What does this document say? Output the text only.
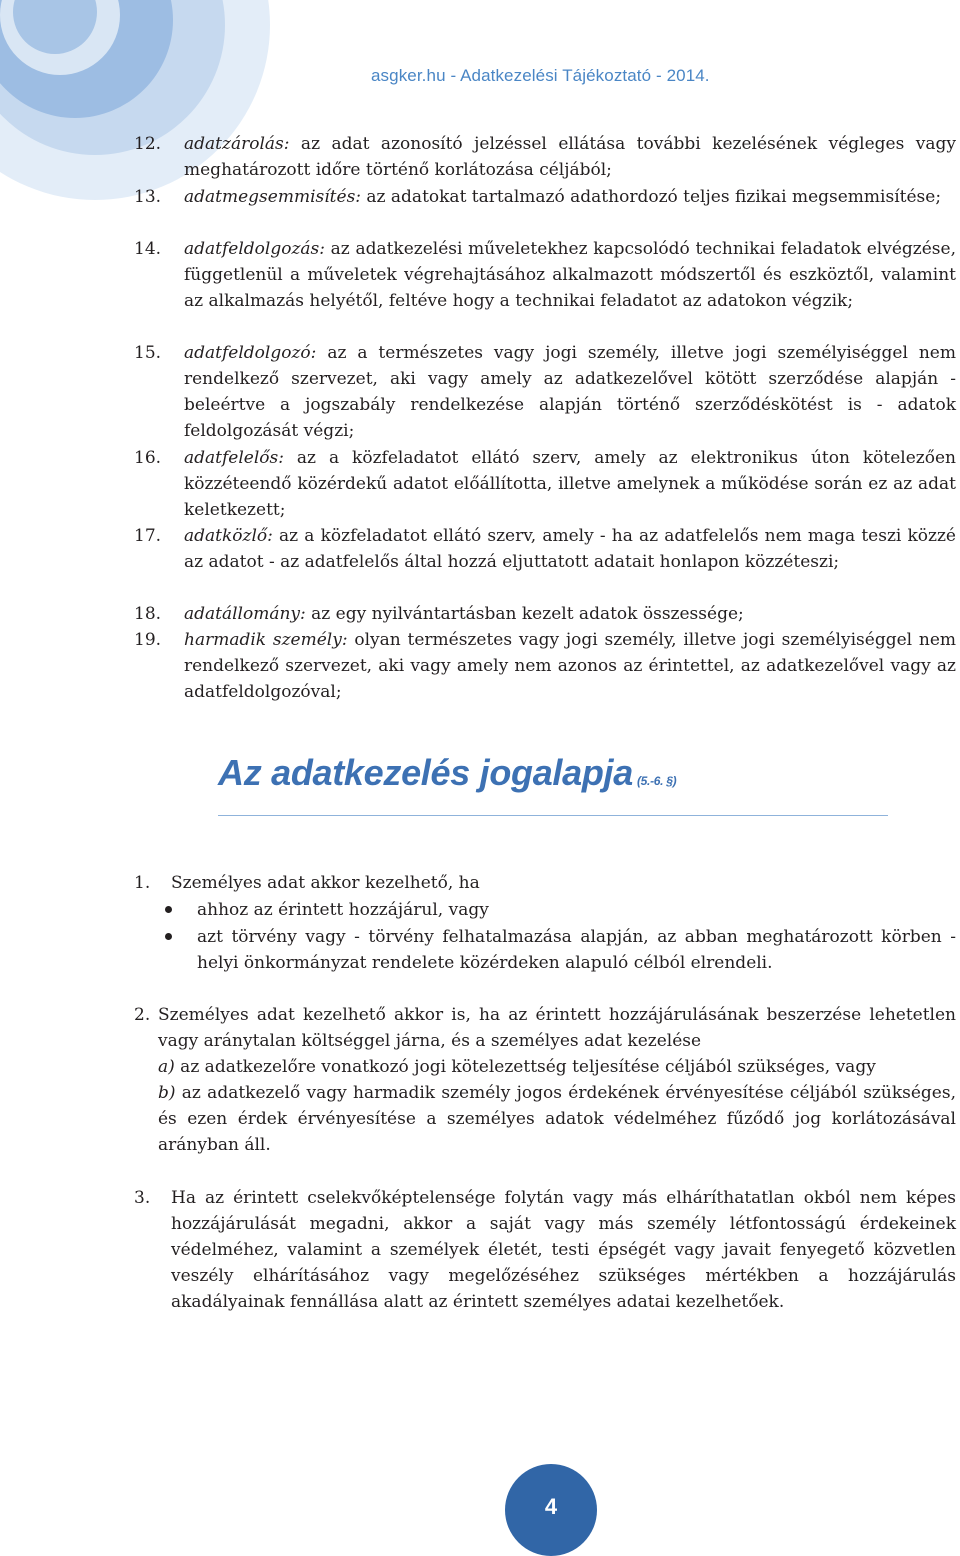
asgker.hu - Adatkezelési Tájékoztató - 2014.
12. adatzárolás: az adat azonosító jelzéssel ellátása további kezelésének végleges vagy meghatározott időre történő korlátozása céljából;
13. adatmegsemmisítés: az adatokat tartalmazó adathordozó teljes fizikai megsemmisítése;
14. adatfeldolgozás: az adatkezelési műveletekhez kapcsolódó technikai feladatok elvégzése, függetlenül a műveletek végrehajtásához alkalmazott módszertől és eszköztől, valamint az alkalmazás helyétől, feltéve hogy a technikai feladatot az adatokon végzik;
15. adatfeldolgozó: az a természetes vagy jogi személy, illetve jogi személyiséggel nem rendelkező szervezet, aki vagy amely az adatkezelővel kötött szerződése alapján - beleértve a jogszabály rendelkezése alapján történő szerződéskötést is - adatok feldolgozását végzi;
16. adatfelelős: az a közfeladatot ellátó szerv, amely az elektronikus úton kötelezően közzéteendő közérdekű adatot előállította, illetve amelynek a működése során ez az adat keletkezett;
17. adatközlő: az a közfeladatot ellátó szerv, amely - ha az adatfelelős nem maga teszi közzé az adatot - az adatfelelős által hozzá eljuttatott adatait honlapon közzéteszi;
18. adatállomány: az egy nyilvántartásban kezelt adatok összessége;
19. harmadik személy: olyan természetes vagy jogi személy, illetve jogi személyiséggel nem rendelkező szervezet, aki vagy amely nem azonos az érintettel, az adatkezelővel vagy az adatfeldolgozóval;
Az adatkezelés jogalapja (5.-6. §)
1. Személyes adat akkor kezelhető, ha
ahhoz az érintett hozzájárul, vagy
azt törvény vagy - törvény felhatalmazása alapján, az abban meghatározott körben - helyi önkormányzat rendelete közérdeken alapuló célból elrendeli.
2. Személyes adat kezelhető akkor is, ha az érintett hozzájárulásának beszerzése lehetetlen vagy aránytalan költséggel járna, és a személyes adat kezelése
a) az adatkezelőre vonatkozó jogi kötelezettség teljesítése céljából szükséges, vagy
b) az adatkezelő vagy harmadik személy jogos érdekének érvényesítése céljából szükséges, és ezen érdek érvényesítése a személyes adatok védelméhez fűződő jog korlátozásával arányban áll.
3. Ha az érintett cselekvőképtelensége folytán vagy más elháríthatatlan okból nem képes hozzájárulását megadni, akkor a saját vagy más személy létfontosságú érdekeinek védelméhez, valamint a személyek életét, testi épségét vagy javait fenyegető közvetlen veszély elhárításához vagy megelőzéséhez szükséges mértékben a hozzájárulás akadályainak fennállása alatt az érintett személyes adatai kezelhetőek.
4
